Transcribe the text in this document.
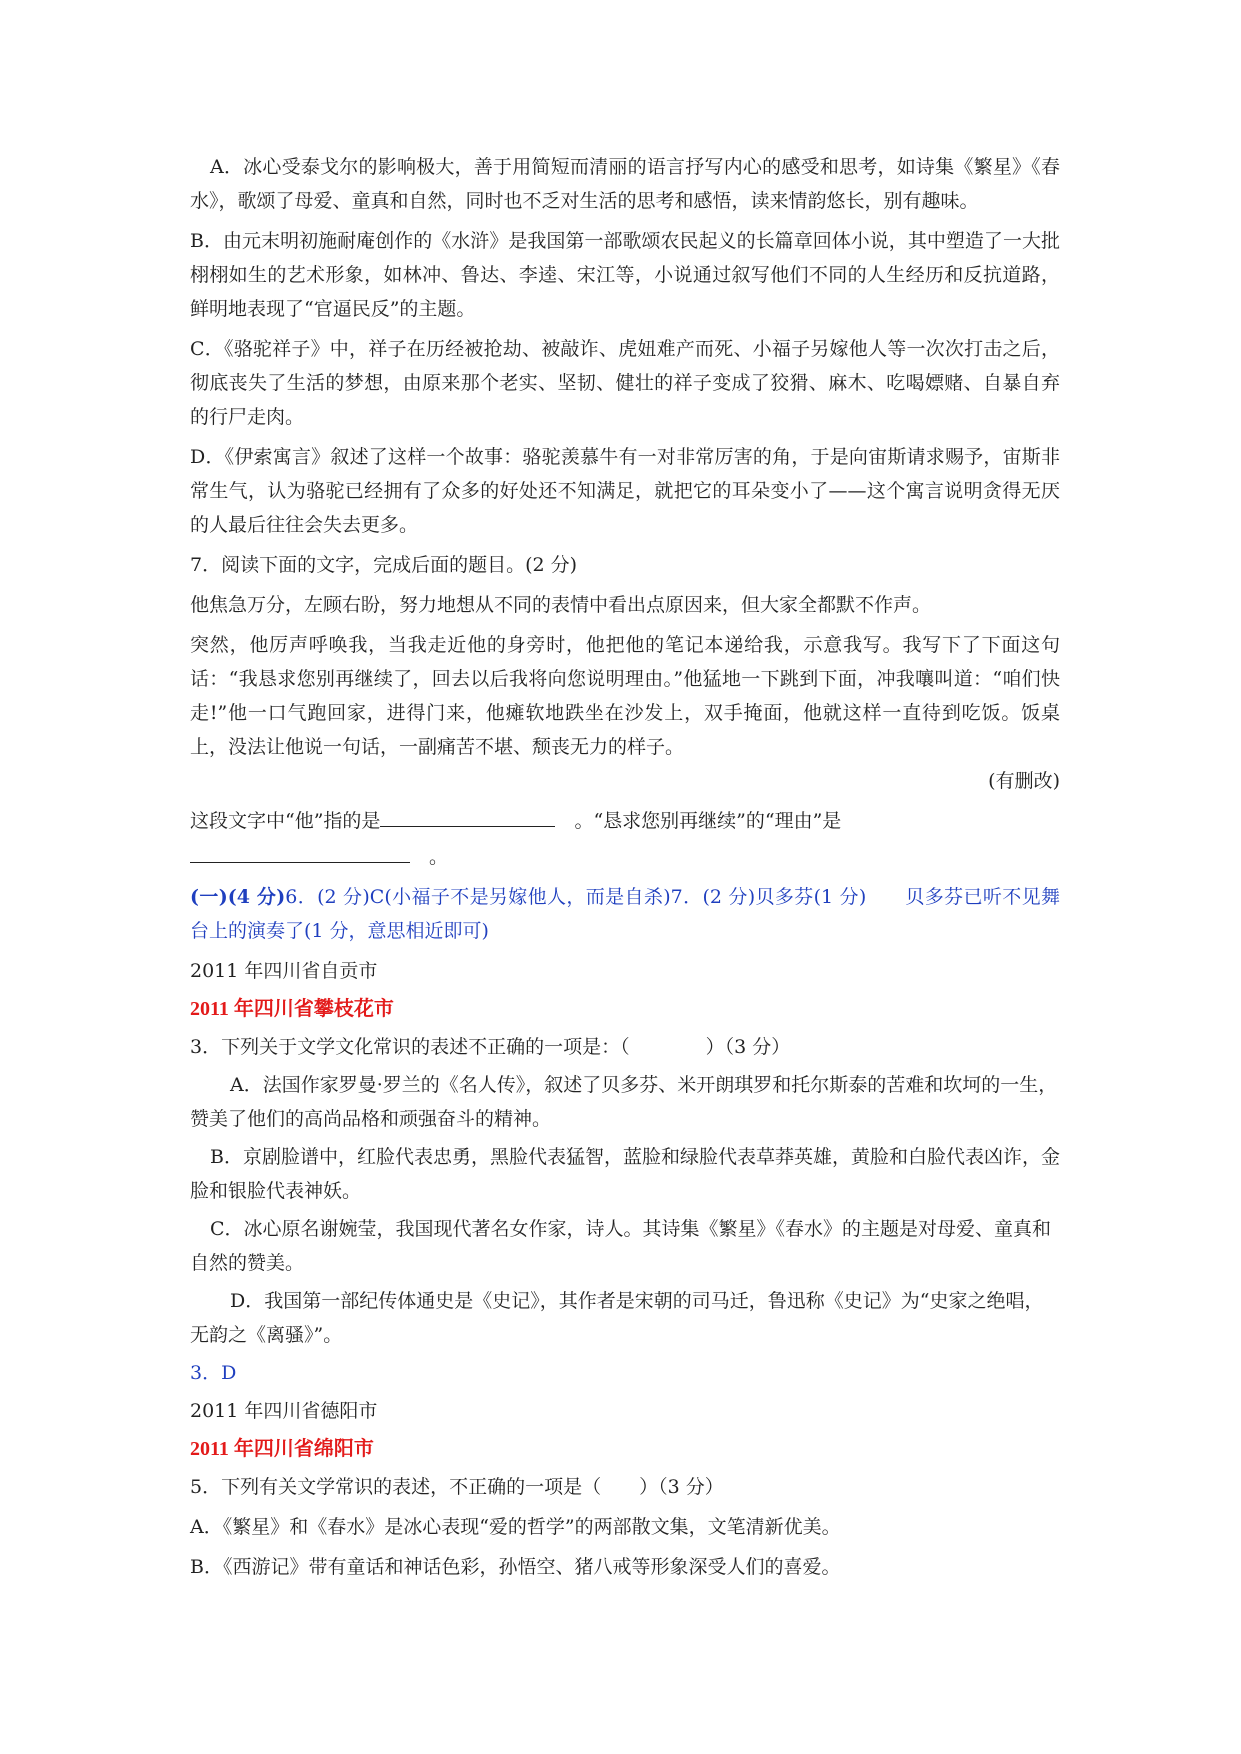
A．冰心受泰戈尔的影响极大，善于用简短而清丽的语言抒写内心的感受和思考，如诗集《繁星》《春水》，歌颂了母爱、童真和自然，同时也不乏对生活的思考和感悟，读来情韵悠长，别有趣味。

B．由元末明初施耐庵创作的《水浒》是我国第一部歌颂农民起义的长篇章回体小说，其中塑造了一大批栩栩如生的艺术形象，如林冲、鲁达、李逵、宋江等，小说通过叙写他们不同的人生经历和反抗道路，鲜明地表现了“官逼民反”的主题。

C．《骆驼祥子》中，祥子在历经被抢劫、被敲诈、虎妞难产而死、小福子另嫁他人等一次次打击之后，彻底丧失了生活的梦想，由原来那个老实、坚韧、健壮的祥子变成了狡猾、麻木、吃喝嫖赌、自暴自弃的行尸走肉。

D．《伊索寓言》叙述了这样一个故事：骆驼羡慕牛有一对非常厉害的角，于是向宙斯请求赐予，宙斯非常生气，认为骆驼已经拥有了众多的好处还不知满足，就把它的耳朵变小了——这个寓言说明贪得无厌的人最后往往会失去更多。

7．阅读下面的文字，完成后面的题目。(2 分)

他焦急万分，左顾右盼，努力地想从不同的表情中看出点原因来，但大家全都默不作声。

突然，他厉声呼唤我，当我走近他的身旁时，他把他的笔记本递给我，示意我写。我写下了下面这句话：“我恳求您别再继续了，回去以后我将向您说明理由。”他猛地一下跳到下面，冲我嚷叫道：“咱们快走!”他一口气跑回家，进得门来，他瘫软地跌坐在沙发上，双手掩面，他就这样一直待到吃饭。饭桌上，没法让他说一句话，一副痛苦不堪、颓丧无力的样子。

(有删改)

这段文字中“他”指的是　	。“恳求您别再继续”的“理由”是
　。

(一)(4 分)6．(2 分)C(小福子不是另嫁他人，而是自杀)7．(2 分)贝多芬(1 分)　　贝多芬已听不见舞台上的演奏了(1 分，意思相近即可)

2011 年四川省自贡市

2011 年四川省攀枝花市

3．下列关于文学文化常识的表述不正确的一项是：（　　　　）（3 分）

A．法国作家罗曼·罗兰的《名人传》，叙述了贝多芬、米开朗琪罗和托尔斯泰的苦难和坎坷的一生，赞美了他们的高尚品格和顽强奋斗的精神。

B．京剧脸谱中，红脸代表忠勇，黑脸代表猛智，蓝脸和绿脸代表草莽英雄，黄脸和白脸代表凶诈，金脸和银脸代表神妖。

C．冰心原名谢婉莹，我国现代著名女作家，诗人。其诗集《繁星》《春水》的主题是对母爱、童真和自然的赞美。

D．我国第一部纪传体通史是《史记》，其作者是宋朝的司马迁，鲁迅称《史记》为“史家之绝唱，无韵之《离骚》”。

3．D

2011 年四川省德阳市

2011 年四川省绵阳市

5．下列有关文学常识的表述，不正确的一项是（　　）（3 分）

A．《繁星》和《春水》是冰心表现“爱的哲学”的两部散文集，文笔清新优美。

B．《西游记》带有童话和神话色彩，孙悟空、猪八戒等形象深受人们的喜爱。
